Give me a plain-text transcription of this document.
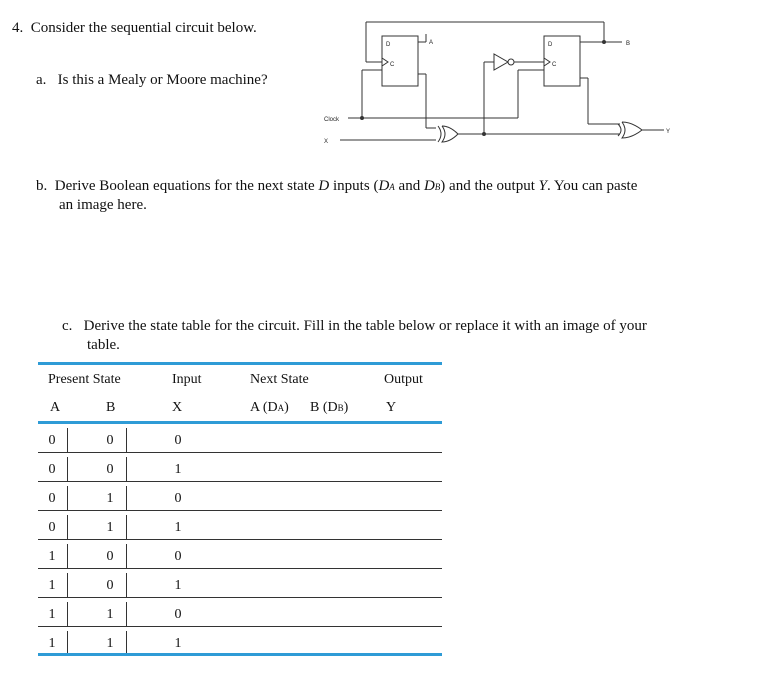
4. Consider the sequential circuit below.
a. Is this a Mealy or Moore machine?
D
C
A	D
C
B
Clock
X
Y
b. Derive Boolean equations for the next state D inputs (DA and DB) and the output Y. You can paste
an image here.
c. Derive the state table for the circuit. Fill in the table below or replace it with an image of your
table.
Present State	Input	Next State	Output
A	B	X	A (DA) B (DB)	Y
0	0	0
0	0	1
0	1	0
0	1	1
1	0	0
1	0	1
1	1	0
1	1	1
